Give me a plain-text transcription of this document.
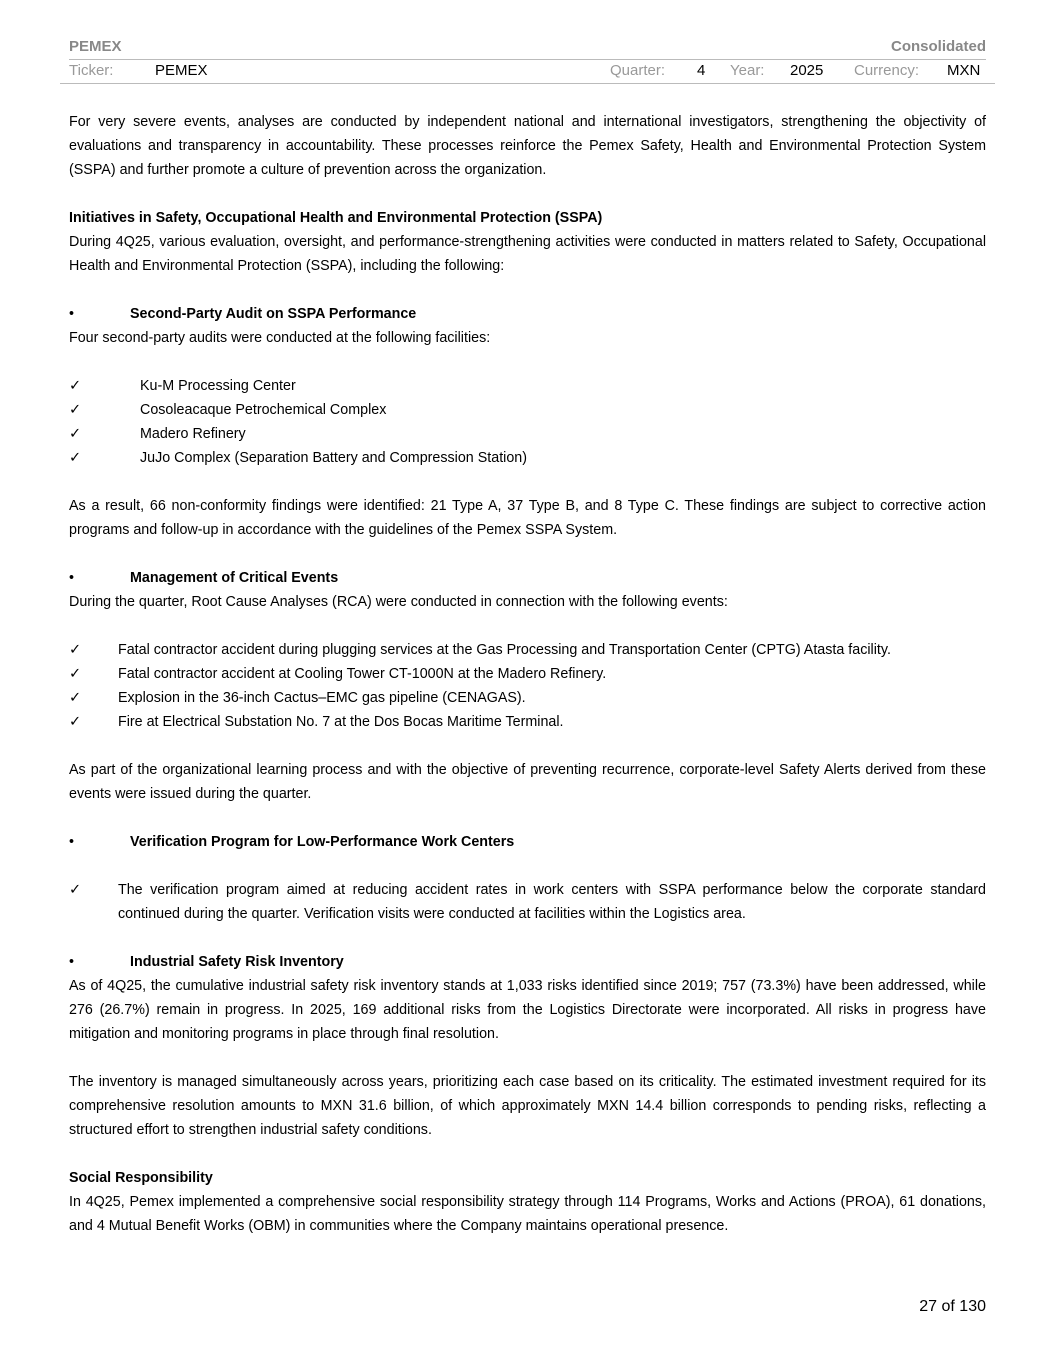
PEMEX	Consolidated
Ticker:	PEMEX	Quarter: 4 Year: 2025 Currency: MXN

For very severe events, analyses are conducted by independent national and international investigators, strengthening the objectivity of evaluations and transparency in accountability. These processes reinforce the Pemex Safety, Health and Environmental Protection System (SSPA) and further promote a culture of prevention across the organization.

Initiatives in Safety, Occupational Health and Environmental Protection (SSPA)

During 4Q25, various evaluation, oversight, and performance-strengthening activities were conducted in matters related to Safety, Occupational Health and Environmental Protection (SSPA), including the following:

•	Second-Party Audit on SSPA Performance

Four second-party audits were conducted at the following facilities:

✓	Ku-M Processing Center
✓	Cosoleacaque Petrochemical Complex
✓	Madero Refinery
✓	JuJo Complex (Separation Battery and Compression Station)

As a result, 66 non-conformity findings were identified: 21 Type A, 37 Type B, and 8 Type C. These findings are subject to corrective action programs and follow-up in accordance with the guidelines of the Pemex SSPA System.

•	Management of Critical Events

During the quarter, Root Cause Analyses (RCA) were conducted in connection with the following events:

✓	Fatal contractor accident during plugging services at the Gas Processing and Transportation Center (CPTG) Atasta facility.
✓	Fatal contractor accident at Cooling Tower CT-1000N at the Madero Refinery.
✓	Explosion in the 36-inch Cactus–EMC gas pipeline (CENAGAS).
✓	Fire at Electrical Substation No. 7 at the Dos Bocas Maritime Terminal.

As part of the organizational learning process and with the objective of preventing recurrence, corporate-level Safety Alerts derived from these events were issued during the quarter.

•	Verification Program for Low-Performance Work Centers
✓	The verification program aimed at reducing accident rates in work centers with SSPA performance below the corporate standard continued during the quarter. Verification visits were conducted at facilities within the Logistics area.
•	Industrial Safety Risk Inventory

As of 4Q25, the cumulative industrial safety risk inventory stands at 1,033 risks identified since 2019; 757 (73.3%) have been addressed, while 276 (26.7%) remain in progress. In 2025, 169 additional risks from the Logistics Directorate were incorporated. All risks in progress have mitigation and monitoring programs in place through final resolution.

The inventory is managed simultaneously across years, prioritizing each case based on its criticality. The estimated investment required for its comprehensive resolution amounts to MXN 31.6 billion, of which approximately MXN 14.4 billion corresponds to pending risks, reflecting a structured effort to strengthen industrial safety conditions.

Social Responsibility

In 4Q25, Pemex implemented a comprehensive social responsibility strategy through 114 Programs, Works and Actions (PROA), 61 donations, and 4 Mutual Benefit Works (OBM) in communities where the Company maintains operational presence.

27 of 130
